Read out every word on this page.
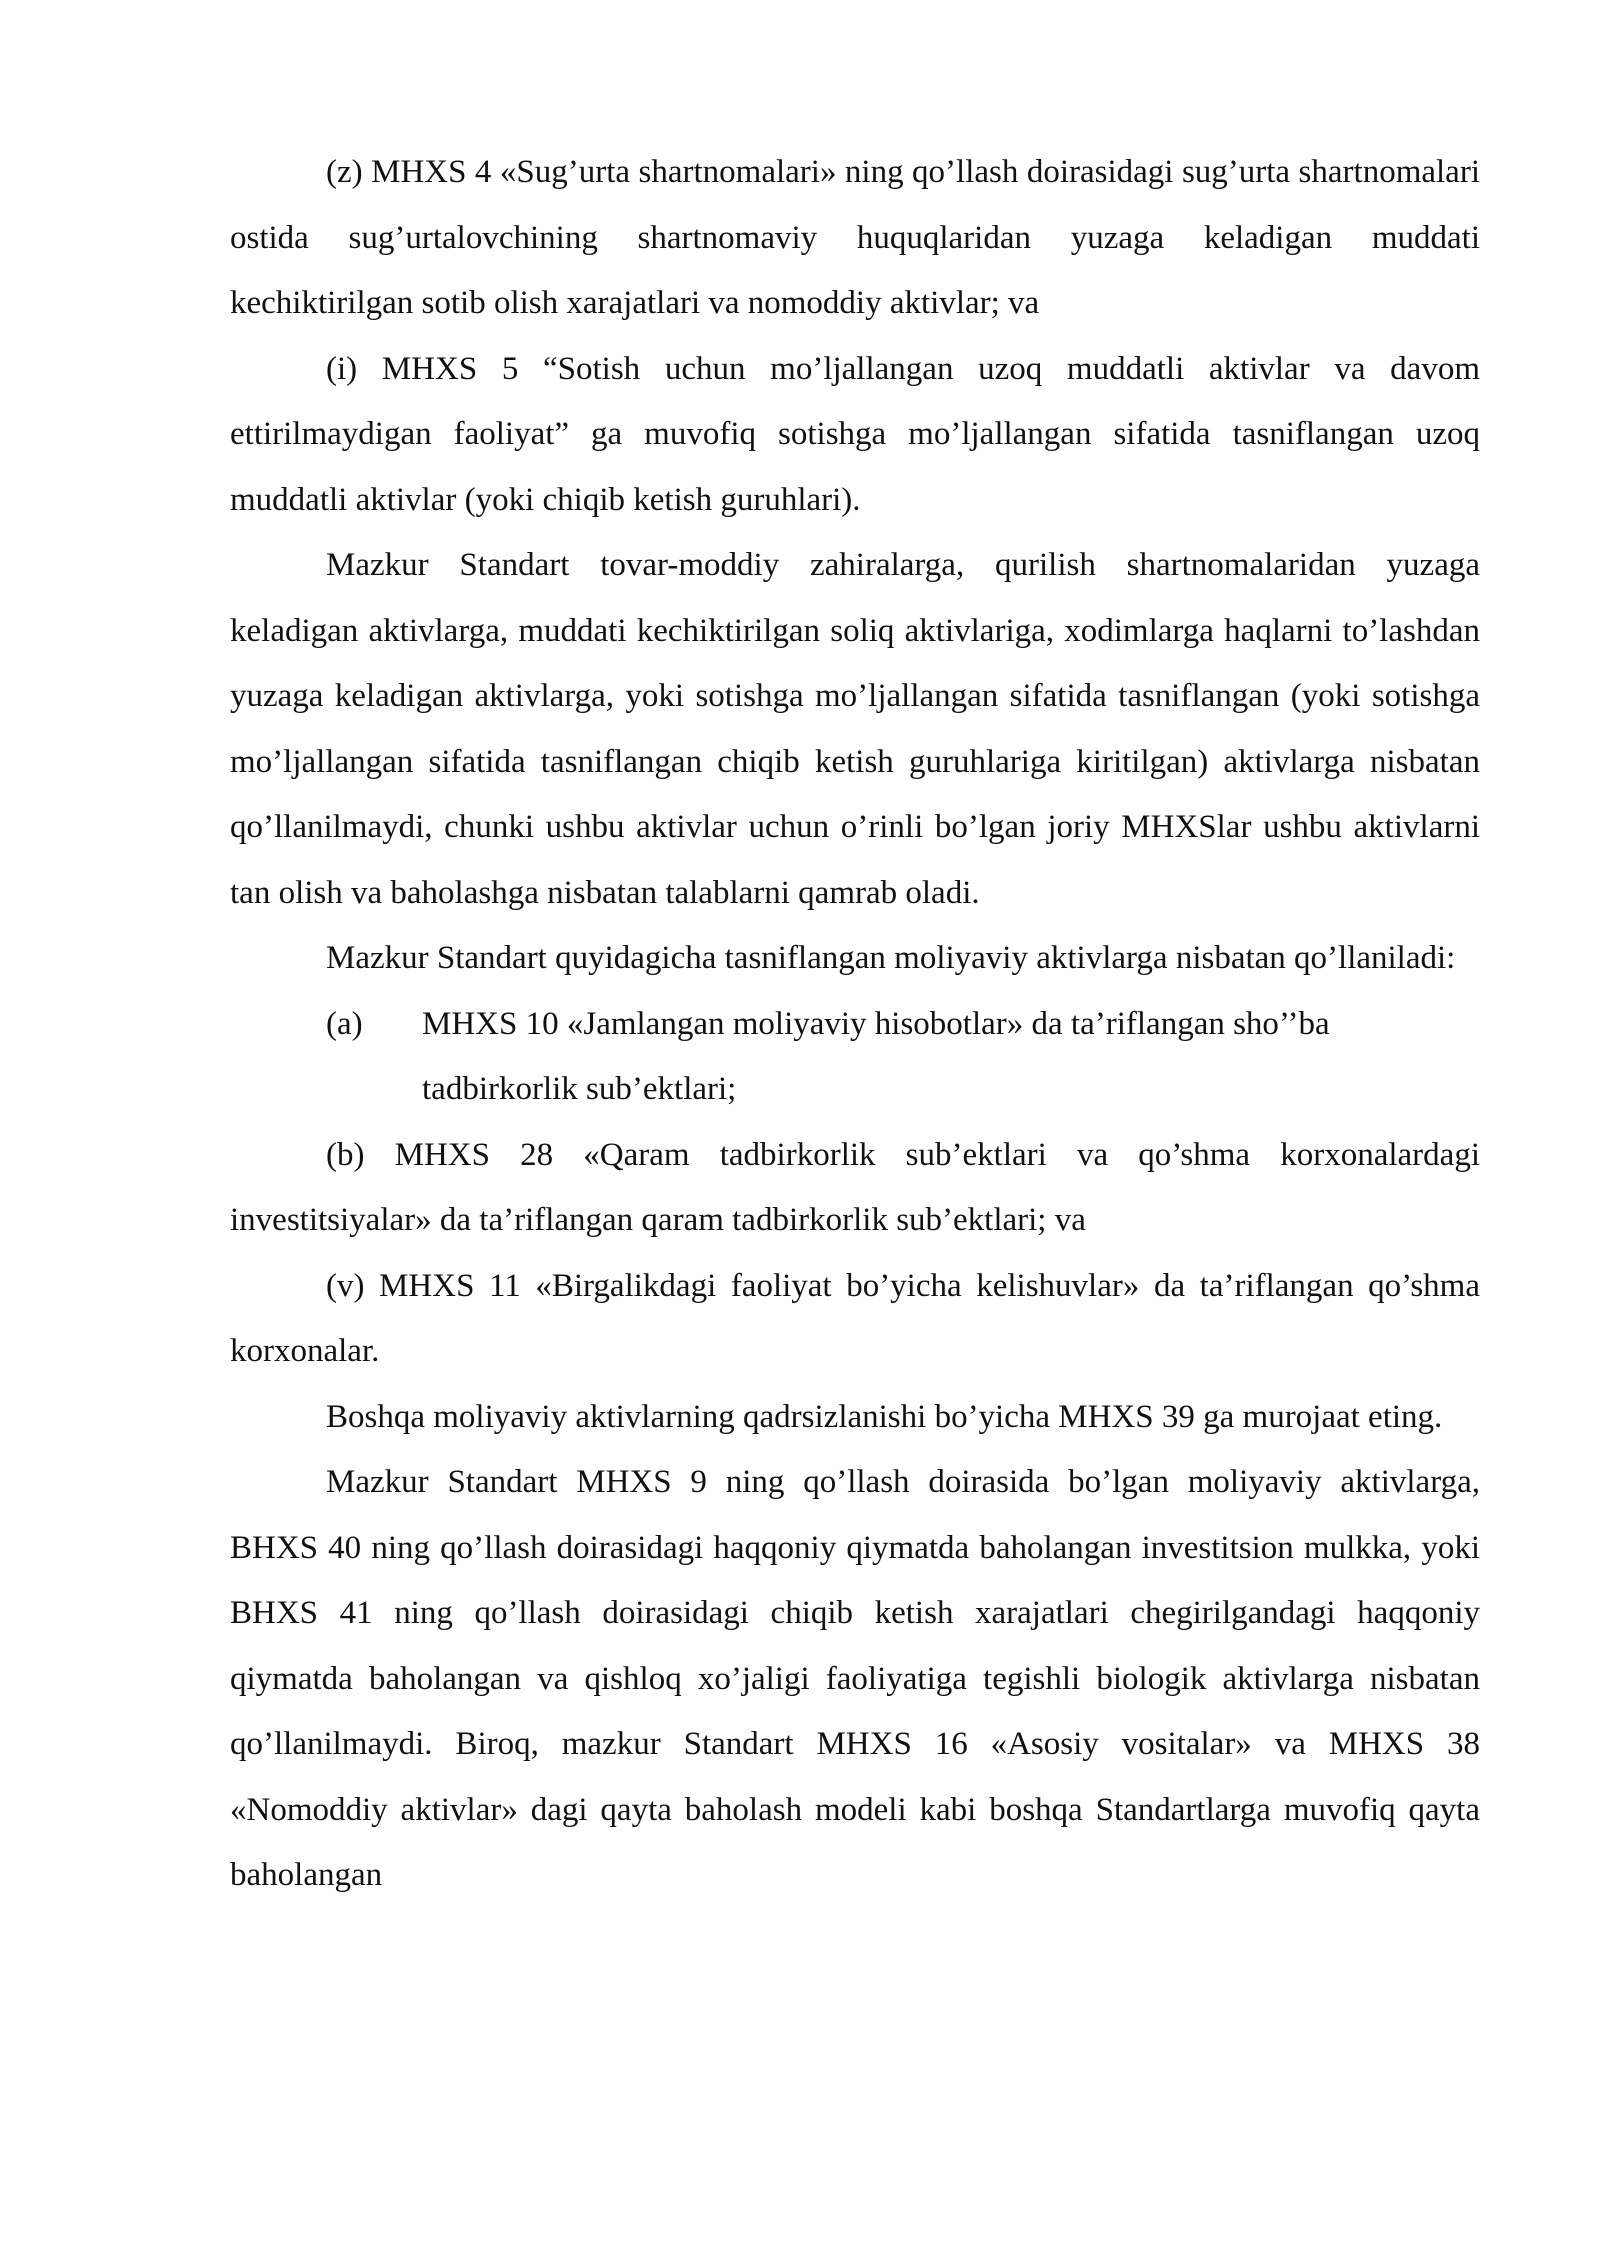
(z) MHXS 4 «Sug’urta shartnomalari» ning qo’llash doirasidagi sug’urta shartnomalari ostida sug’urtalovchining shartnomaviy huquqlaridan yuzaga keladigan muddati kechiktirilgan sotib olish xarajatlari va nomoddiy aktivlar; va

(i) MHXS 5 “Sotish uchun mo’ljallangan uzoq muddatli aktivlar va davom ettirilmaydigan faoliyat” ga muvofiq sotishga mo’ljallangan sifatida tasniflangan uzoq muddatli aktivlar (yoki chiqib ketish guruhlari).

Mazkur Standart tovar-moddiy zahiralarga, qurilish shartnomalaridan yuzaga keladigan aktivlarga, muddati kechiktirilgan soliq aktivlariga, xodimlarga haqlarni to’lashdan yuzaga keladigan aktivlarga, yoki sotishga mo’ljallangan sifatida tasniflangan (yoki sotishga mo’ljallangan sifatida tasniflangan chiqib ketish guruhlariga kiritilgan) aktivlarga nisbatan qo’llanilmaydi, chunki ushbu aktivlar uchun o’rinli bo’lgan joriy MHXSlar ushbu aktivlarni tan olish va baholashga nisbatan talablarni qamrab oladi.

Mazkur Standart quyidagicha tasniflangan moliyaviy aktivlarga nisbatan qo’llaniladi:

(a)	MHXS 10 «Jamlangan moliyaviy hisobotlar» da ta’riflangan sho’’ba tadbirkorlik sub’ektlari;

(b) MHXS 28 «Qaram tadbirkorlik sub’ektlari va qo’shma korxonalardagi investitsiyalar» da ta’riflangan qaram tadbirkorlik sub’ektlari; va

(v) MHXS 11 «Birgalikdagi faoliyat bo’yicha kelishuvlar» da ta’riflangan qo’shma korxonalar.

Boshqa moliyaviy aktivlarning qadrsizlanishi bo’yicha MHXS 39 ga murojaat eting.

Mazkur Standart MHXS 9 ning qo’llash doirasida bo’lgan moliyaviy aktivlarga, BHXS 40 ning qo’llash doirasidagi haqqoniy qiymatda baholangan investitsion mulkka, yoki BHXS 41 ning qo’llash doirasidagi chiqib ketish xarajatlari chegirilgandagi haqqoniy qiymatda baholangan va qishloq xo’jaligi faoliyatiga tegishli biologik aktivlarga nisbatan qo’llanilmaydi. Biroq, mazkur Standart MHXS 16 «Asosiy vositalar» va MHXS 38 «Nomoddiy aktivlar» dagi qayta baholash modeli kabi boshqa Standartlarga muvofiq qayta baholangan
